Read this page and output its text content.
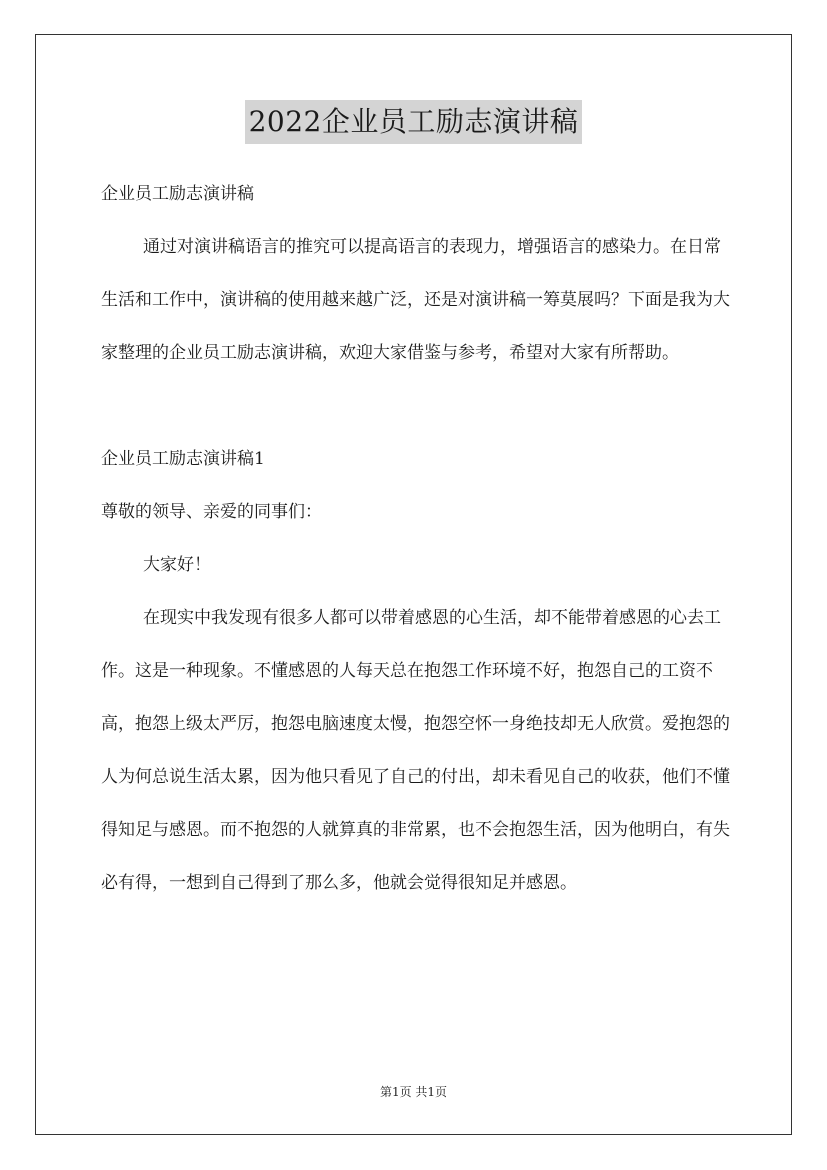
2022企业员工励志演讲稿

企业员工励志演讲稿

通过对演讲稿语言的推究可以提高语言的表现力，增强语言的感染力。在日常生活和工作中，演讲稿的使用越来越广泛，还是对演讲稿一筹莫展吗？下面是我为大家整理的企业员工励志演讲稿，欢迎大家借鉴与参考，希望对大家有所帮助。

企业员工励志演讲稿1

尊敬的领导、亲爱的同事们：

大家好！

在现实中我发现有很多人都可以带着感恩的心生活，却不能带着感恩的心去工作。这是一种现象。不懂感恩的人每天总在抱怨工作环境不好，抱怨自己的工资不高，抱怨上级太严厉，抱怨电脑速度太慢，抱怨空怀一身绝技却无人欣赏。爱抱怨的人为何总说生活太累，因为他只看见了自己的付出，却未看见自己的收获，他们不懂得知足与感恩。而不抱怨的人就算真的非常累，也不会抱怨生活，因为他明白，有失必有得，一想到自己得到了那么多，他就会觉得很知足并感恩。

第1页 共1页
